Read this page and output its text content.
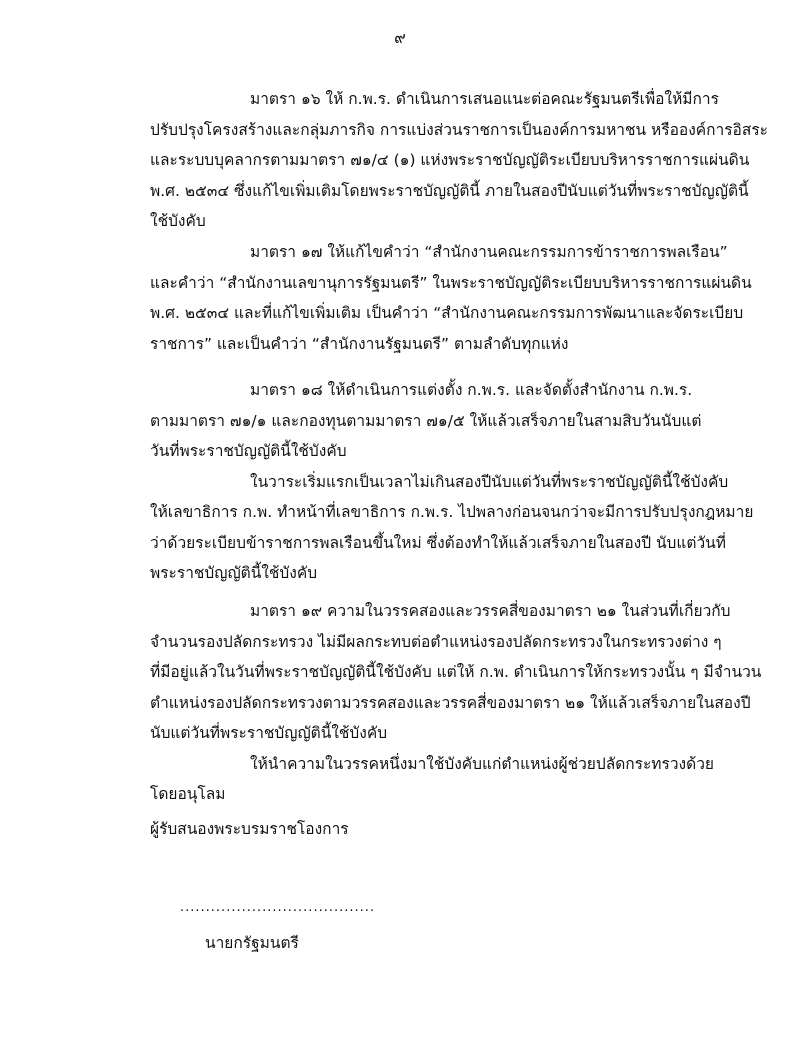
๙
มาตรา ๑๖ ให้ ก.พ.ร. ดำเนินการเสนอแนะต่อคณะรัฐมนตรีเพื่อให้มีการ
ปรับปรุงโครงสร้างและกลุ่มภารกิจ การแบ่งส่วนราชการเป็นองค์การมหาชน หรือองค์การอิสระ
และระบบบุคลากรตามมาตรา ๗๑/๔ (๑) แห่งพระราชบัญญัติระเบียบบริหารราชการแผ่นดิน
พ.ศ. ๒๕๓๔ ซึ่งแก้ไขเพิ่มเติมโดยพระราชบัญญัตินี้ ภายในสองปีนับแต่วันที่พระราชบัญญัตินี้
ใช้บังคับ
มาตรา ๑๗ ให้แก้ไขคำว่า “สำนักงานคณะกรรมการข้าราชการพลเรือน”
และคำว่า “สำนักงานเลขานุการรัฐมนตรี” ในพระราชบัญญัติระเบียบบริหารราชการแผ่นดิน
พ.ศ. ๒๕๓๔ และที่แก้ไขเพิ่มเติม เป็นคำว่า “สำนักงานคณะกรรมการพัฒนาและจัดระเบียบ
ราชการ” และเป็นคำว่า “สำนักงานรัฐมนตรี” ตามลำดับทุกแห่ง
มาตรา ๑๘ ให้ดำเนินการแต่งตั้ง ก.พ.ร. และจัดตั้งสำนักงาน ก.พ.ร.
ตามมาตรา ๗๑/๑ และกองทุนตามมาตรา ๗๑/๕ ให้แล้วเสร็จภายในสามสิบวันนับแต่
วันที่พระราชบัญญัตินี้ใช้บังคับ
ในวาระเริ่มแรกเป็นเวลาไม่เกินสองปีนับแต่วันที่พระราชบัญญัตินี้ใช้บังคับ
ให้เลขาธิการ ก.พ. ทำหน้าที่เลขาธิการ ก.พ.ร. ไปพลางก่อนจนกว่าจะมีการปรับปรุงกฎหมาย
ว่าด้วยระเบียบข้าราชการพลเรือนขึ้นใหม่ ซึ่งต้องทำให้แล้วเสร็จภายในสองปี นับแต่วันที่
พระราชบัญญัตินี้ใช้บังคับ
มาตรา ๑๙ ความในวรรคสองและวรรคสี่ของมาตรา ๒๑ ในส่วนที่เกี่ยวกับ
จำนวนรองปลัดกระทรวง ไม่มีผลกระทบต่อตำแหน่งรองปลัดกระทรวงในกระทรวงต่าง ๆ
ที่มีอยู่แล้วในวันที่พระราชบัญญัตินี้ใช้บังคับ แต่ให้ ก.พ. ดำเนินการให้กระทรวงนั้น ๆ มีจำนวน
ตำแหน่งรองปลัดกระทรวงตามวรรคสองและวรรคสี่ของมาตรา ๒๑ ให้แล้วเสร็จภายในสองปี
นับแต่วันที่พระราชบัญญัตินี้ใช้บังคับ
ให้นำความในวรรคหนึ่งมาใช้บังคับแก่ตำแหน่งผู้ช่วยปลัดกระทรวงด้วย
โดยอนุโลม
ผู้รับสนองพระบรมราชโองการ
......................................
นายกรัฐมนตรี
